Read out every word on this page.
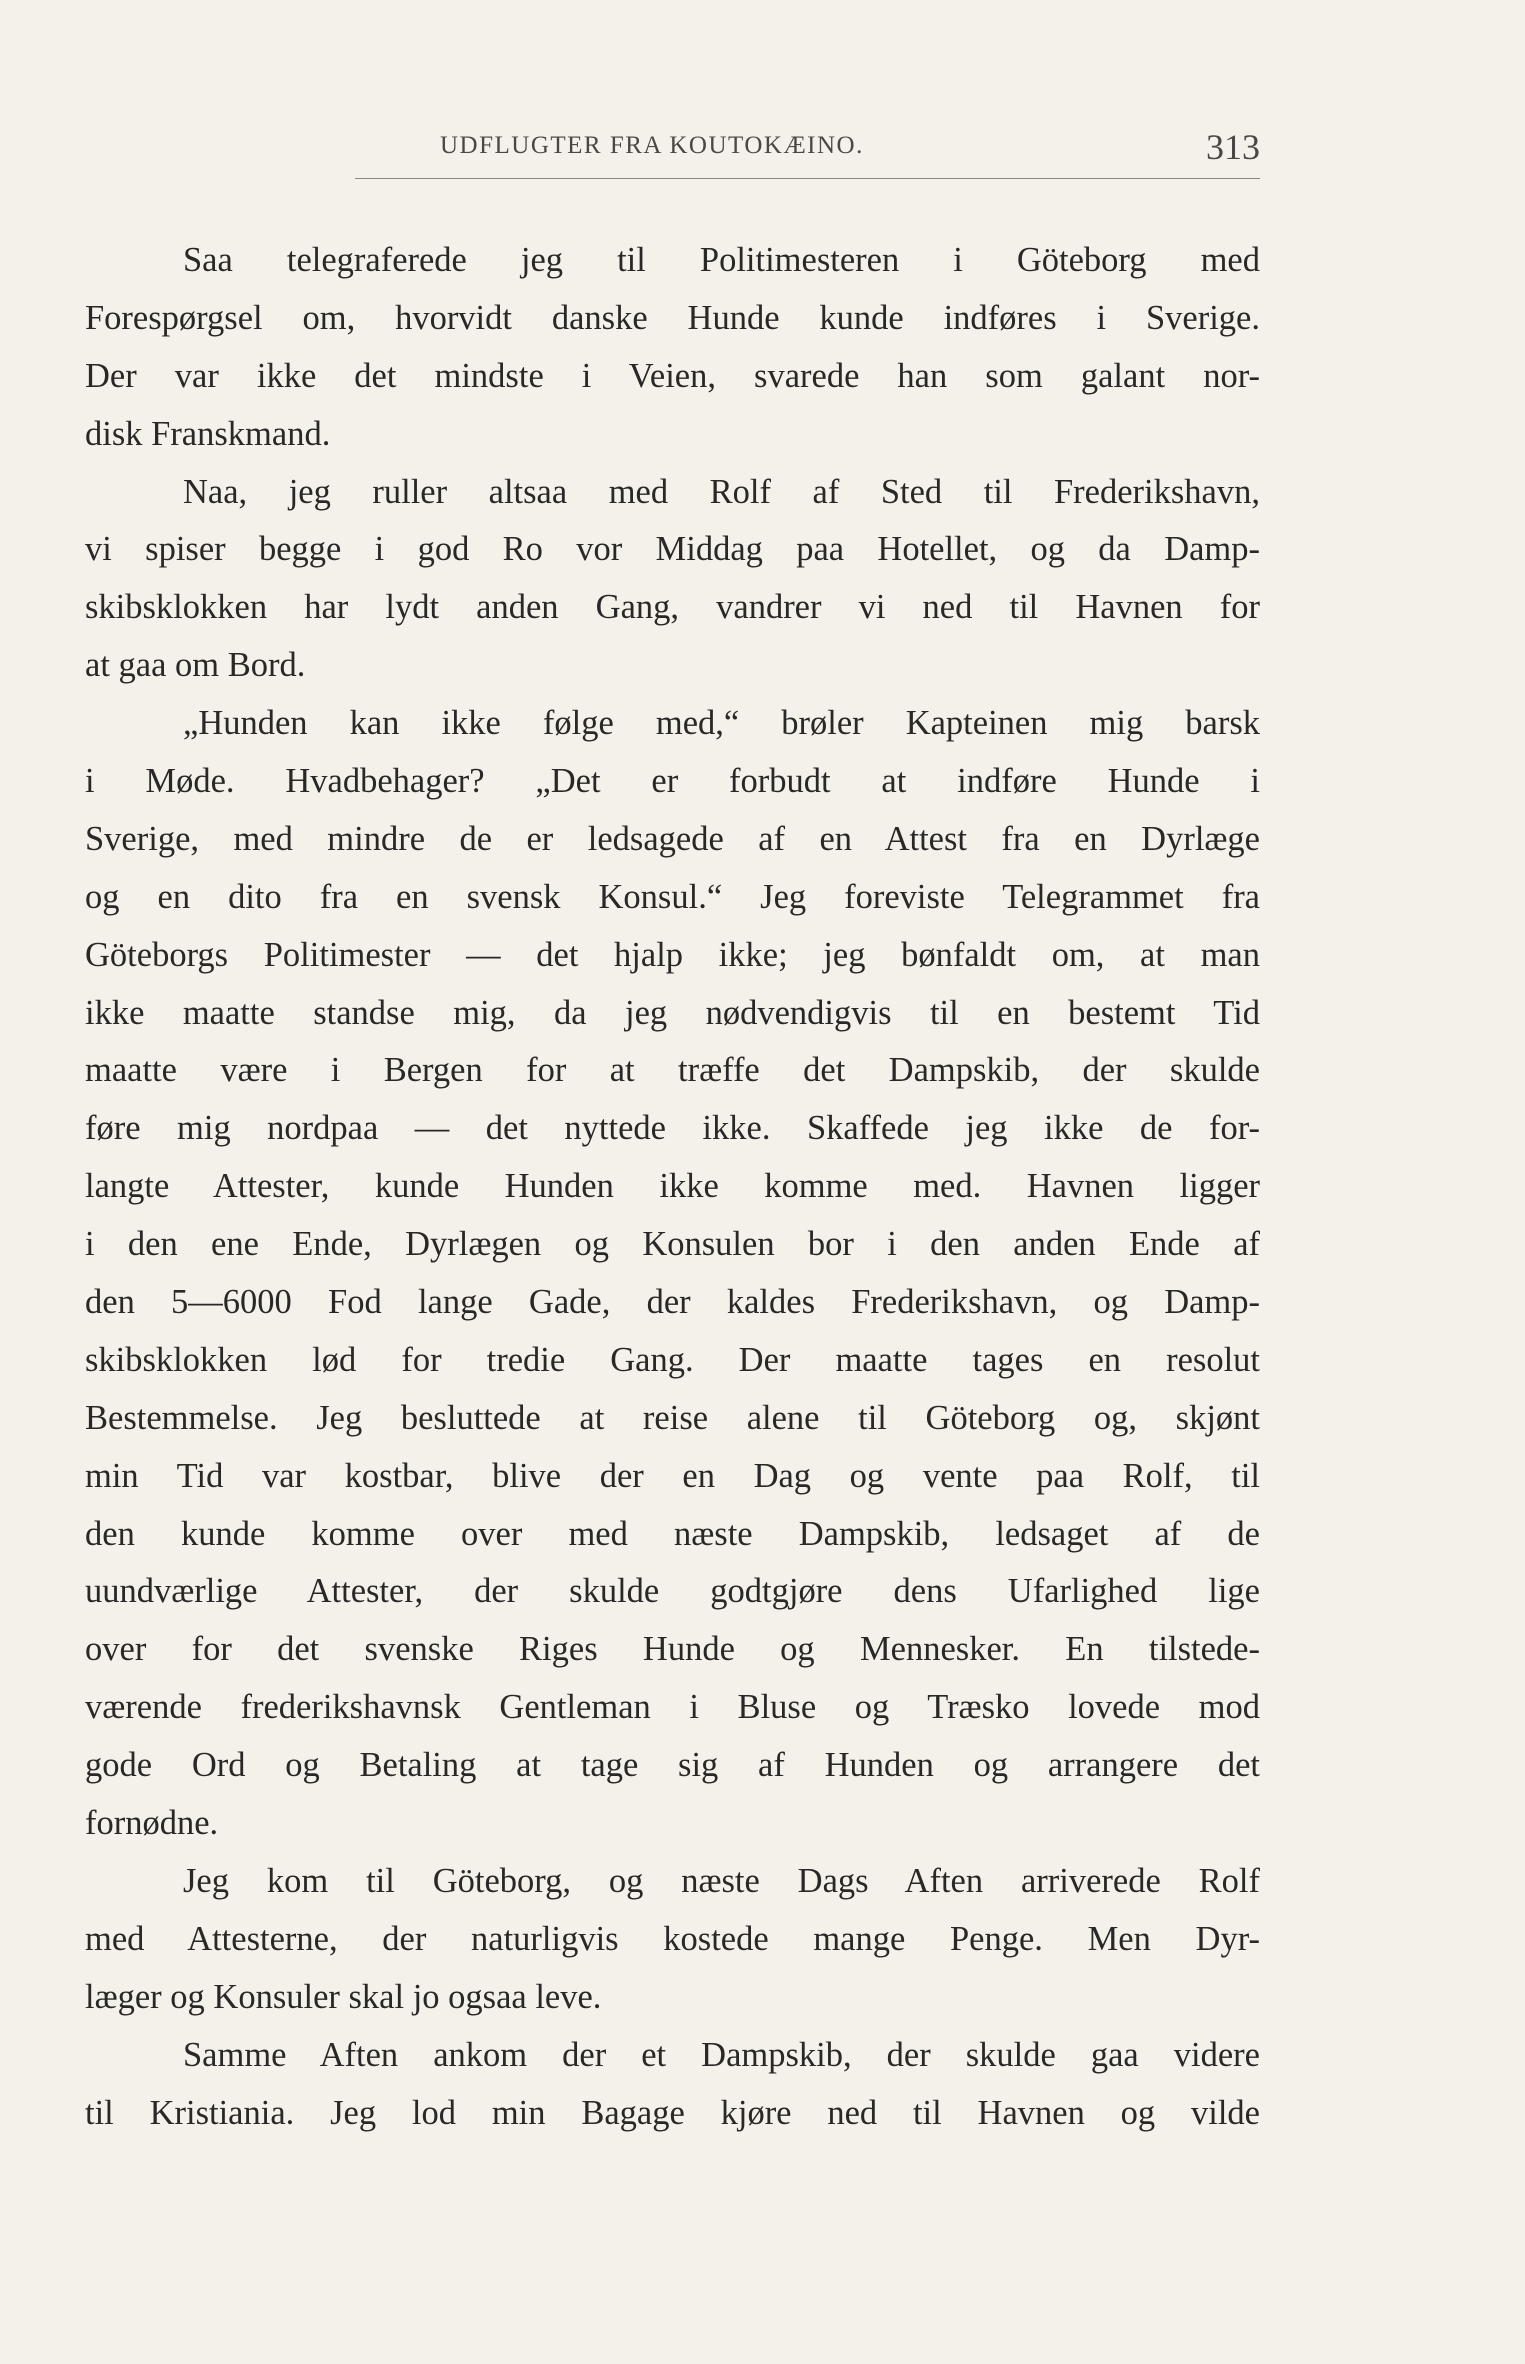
UDFLUGTER FRA KOUTOKÆINO.	313
Saa telegraferede jeg til Politimesteren i Göteborg med
Forespørgsel om, hvorvidt danske Hunde kunde indføres i Sverige.
Der var ikke det mindste i Veien, svarede han som galant nor-
disk Franskmand.
Naa, jeg ruller altsaa med Rolf af Sted til Frederikshavn,
vi spiser begge i god Ro vor Middag paa Hotellet, og da Damp-
skibsklokken har lydt anden Gang, vandrer vi ned til Havnen for
at gaa om Bord.
„Hunden kan ikke følge med,“ brøler Kapteinen mig barsk
i Møde. Hvadbehager? „Det er forbudt at indføre Hunde i
Sverige, med mindre de er ledsagede af en Attest fra en Dyrlæge
og en dito fra en svensk Konsul.“ Jeg foreviste Telegrammet fra
Göteborgs Politimester — det hjalp ikke; jeg bønfaldt om, at man
ikke maatte standse mig, da jeg nødvendigvis til en bestemt Tid
maatte være i Bergen for at træffe det Dampskib, der skulde
føre mig nordpaa — det nyttede ikke. Skaffede jeg ikke de for-
langte Attester, kunde Hunden ikke komme med. Havnen ligger
i den ene Ende, Dyrlægen og Konsulen bor i den anden Ende af
den 5—6000 Fod lange Gade, der kaldes Frederikshavn, og Damp-
skibsklokken lød for tredie Gang. Der maatte tages en resolut
Bestemmelse. Jeg besluttede at reise alene til Göteborg og, skjønt
min Tid var kostbar, blive der en Dag og vente paa Rolf, til
den kunde komme over med næste Dampskib, ledsaget af de
uundværlige Attester, der skulde godtgjøre dens Ufarlighed lige
over for det svenske Riges Hunde og Mennesker. En tilstede-
værende frederikshavnsk Gentleman i Bluse og Træsko lovede mod
gode Ord og Betaling at tage sig af Hunden og arrangere det
fornødne.
Jeg kom til Göteborg, og næste Dags Aften arriverede Rolf
med Attesterne, der naturligvis kostede mange Penge. Men Dyr-
læger og Konsuler skal jo ogsaa leve.
Samme Aften ankom der et Dampskib, der skulde gaa videre
til Kristiania. Jeg lod min Bagage kjøre ned til Havnen og vilde
